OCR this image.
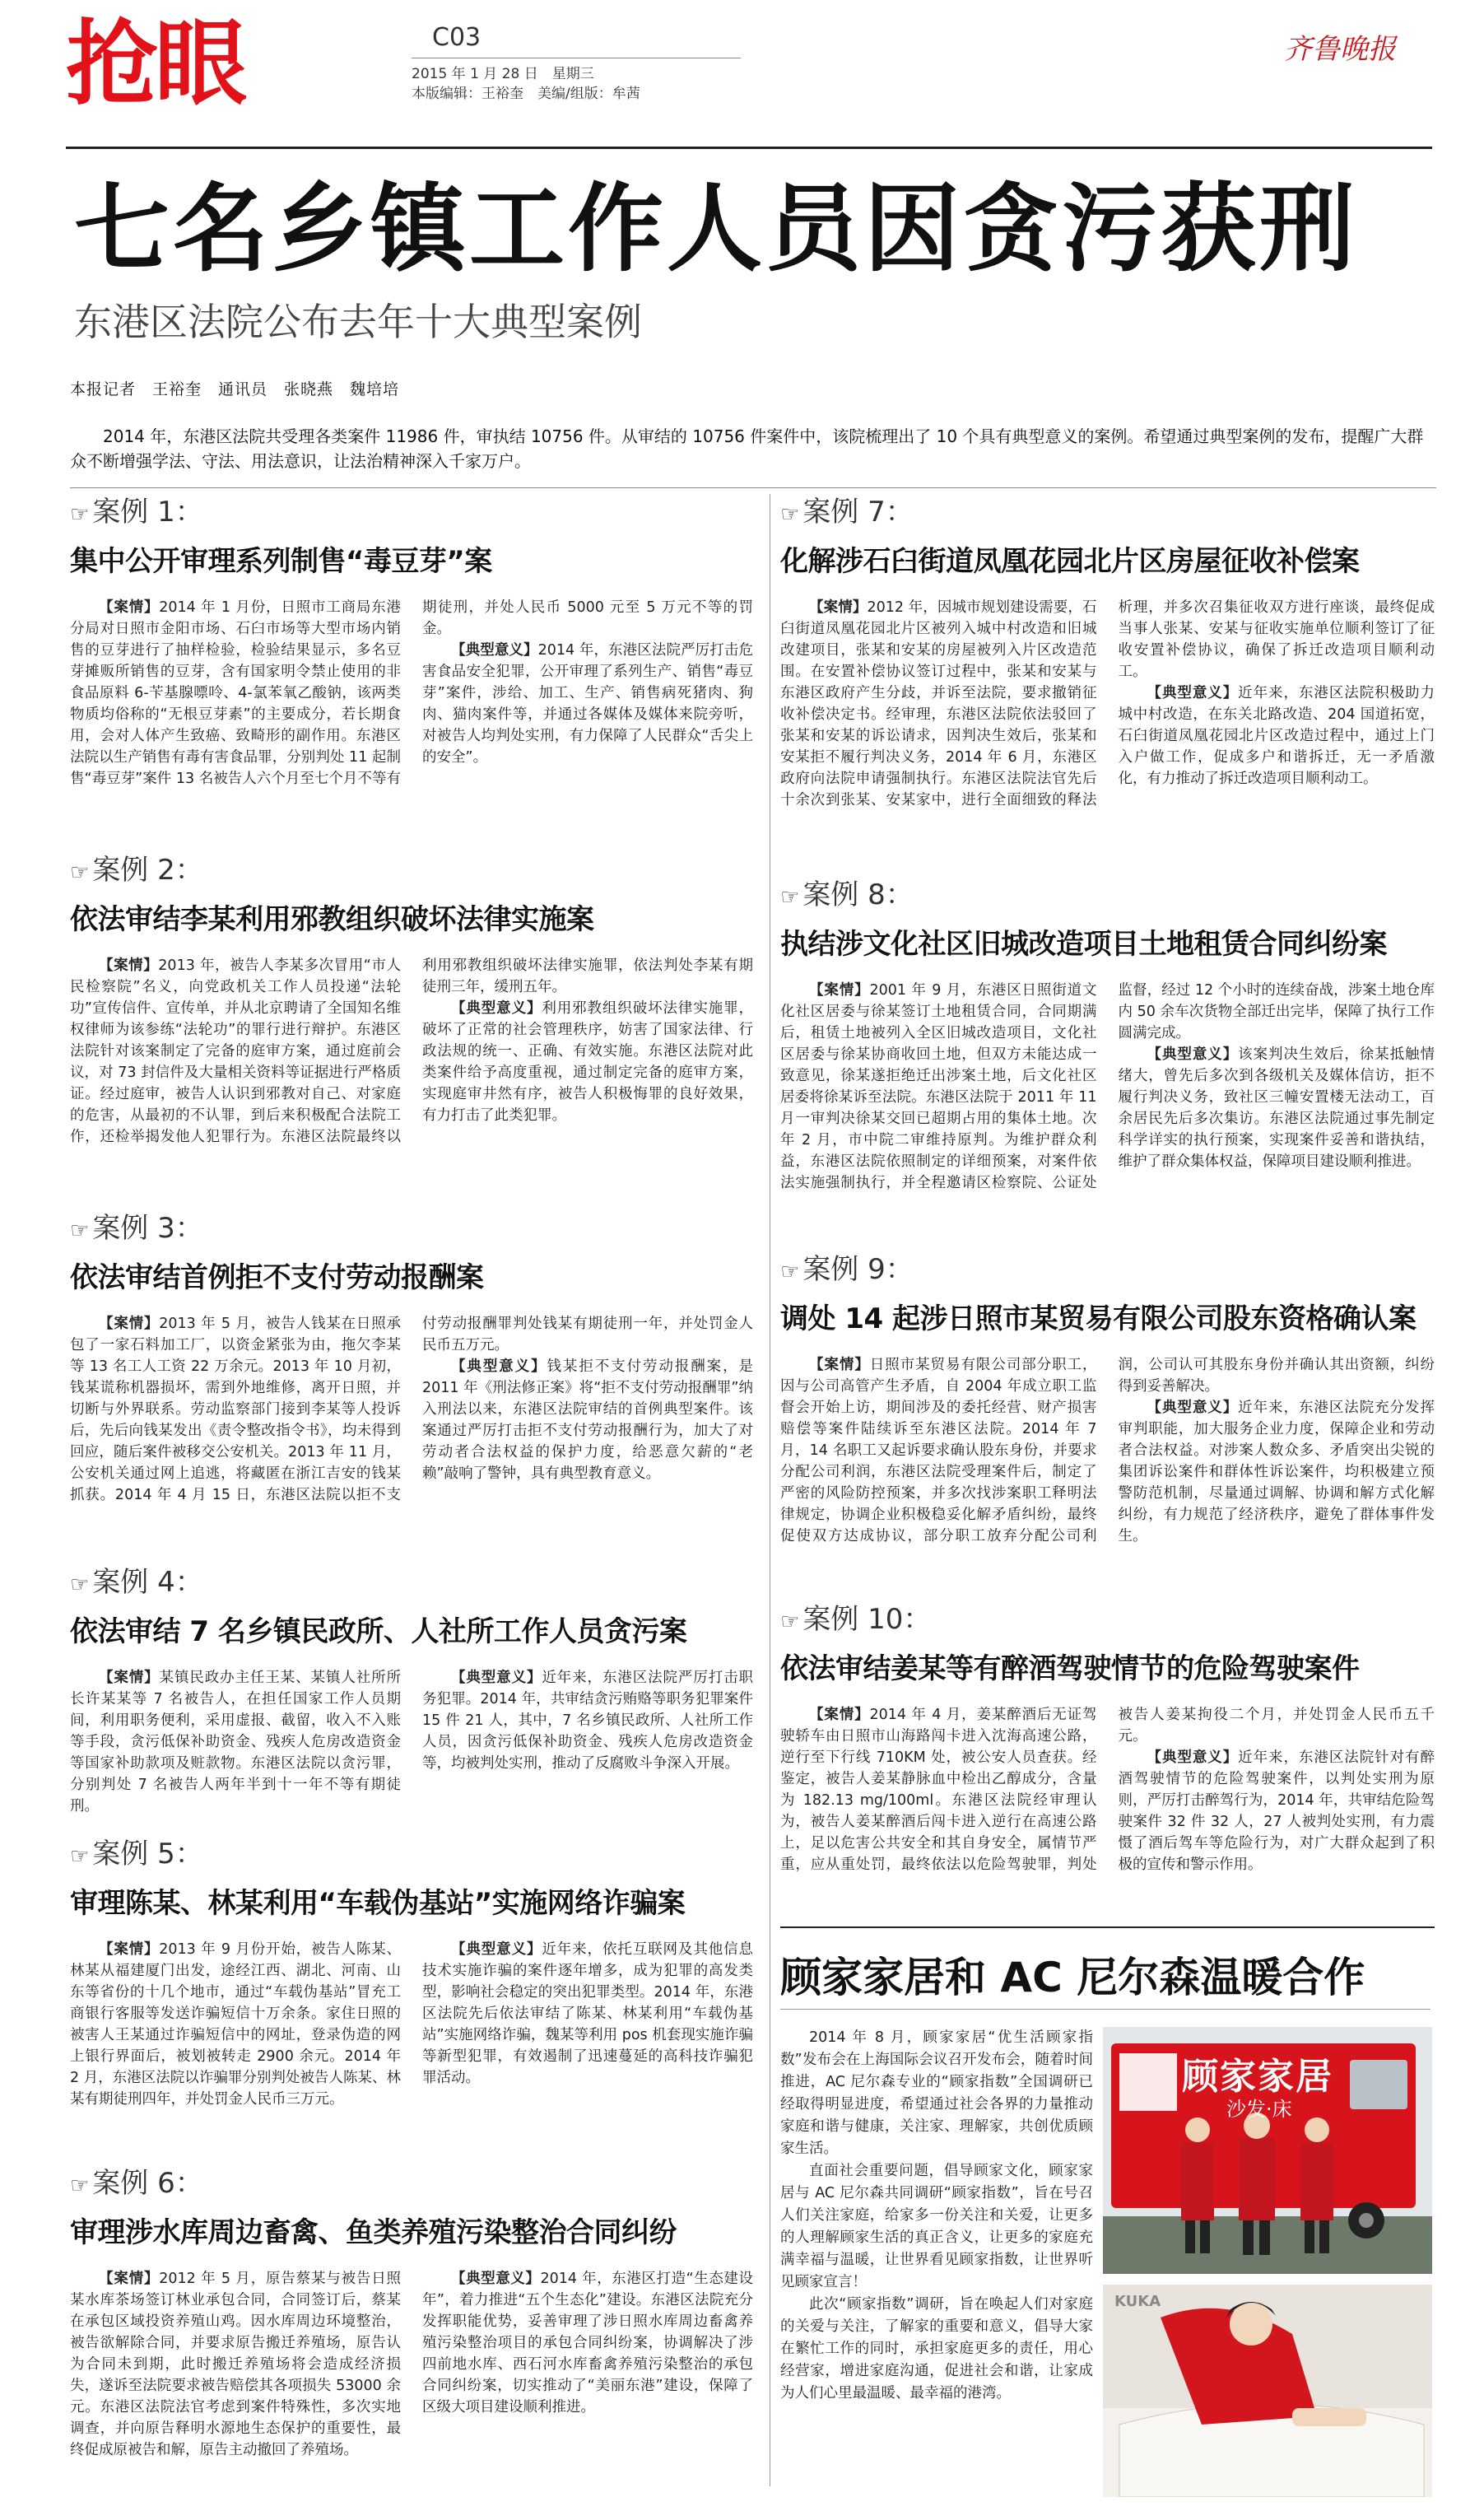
抢眼	C03
2015 年 1 月 28 日　星期三
本版编辑：王裕奎　美编/组版：牟茜
齐鲁晚报
七名乡镇工作人员因贪污获刑
东港区法院公布去年十大典型案例
本报记者　王裕奎　通讯员　张晓燕　魏培培
2014 年，东港区法院共受理各类案件 11986 件，审执结 10756 件。从审结的 10756 件案件中，该院梳理出了 10 个具有典型意义的案例。希望通过典型案例的发布，提醒广大群众不断增强学法、守法、用法意识，让法治精神深入千家万户。
☞ 案例 1：
集中公开审理系列制售“毒豆芽”案

【案情】2014 年 1 月份，日照市工商局东港分局对日照市金阳市场、石臼市场等大型市场内销售的豆芽进行了抽样检验，检验结果显示，多名豆芽摊贩所销售的豆芽，含有国家明令禁止使用的非食品原料 6-苄基腺嘌呤、4-氯苯氧乙酸钠，该两类物质均俗称的“无根豆芽素”的主要成分，若长期食用，会对人体产生致癌、致畸形的副作用。东港区法院以生产销售有毒有害食品罪，分别判处 11 起制售“毒豆芽”案件 13 名被告人六个月至七个月不等有期徒刑，并处人民币 5000 元至 5 万元不等的罚金。

【典型意义】2014 年，东港区法院严厉打击危害食品安全犯罪，公开审理了系列生产、销售“毒豆芽”案件，涉给、加工、生产、销售病死猪肉、狗肉、猫肉案件等，并通过各媒体及媒体来院旁听，对被告人均判处实刑，有力保障了人民群众“舌尖上的安全”。

☞ 案例 2：
依法审结李某利用邪教组织破坏法律实施案

【案情】2013 年，被告人李某多次冒用“市人民检察院”名义，向党政机关工作人员投递“法轮功”宣传信件、宣传单，并从北京聘请了全国知名维权律师为该参练“法轮功”的罪行进行辩护。东港区法院针对该案制定了完备的庭审方案，通过庭前会议，对 73 封信件及大量相关资料等证据进行严格质证。经过庭审，被告人认识到邪教对自己、对家庭的危害，从最初的不认罪，到后来积极配合法院工作，还检举揭发他人犯罪行为。东港区法院最终以利用邪教组织破坏法律实施罪，依法判处李某有期徒刑三年，缓刑五年。

【典型意义】利用邪教组织破坏法律实施罪，破坏了正常的社会管理秩序，妨害了国家法律、行政法规的统一、正确、有效实施。东港区法院对此类案件给予高度重视，通过制定完备的庭审方案，实现庭审井然有序，被告人积极悔罪的良好效果，有力打击了此类犯罪。

☞ 案例 3：
依法审结首例拒不支付劳动报酬案

【案情】2013 年 5 月，被告人钱某在日照承包了一家石料加工厂，以资金紧张为由，拖欠李某等 13 名工人工资 22 万余元。2013 年 10 月初，钱某谎称机器损坏，需到外地维修，离开日照，并切断与外界联系。劳动监察部门接到李某等人投诉后，先后向钱某发出《责令整改指令书》，均未得到回应，随后案件被移交公安机关。2013 年 11 月，公安机关通过网上追逃，将藏匿在浙江吉安的钱某抓获。2014 年 4 月 15 日，东港区法院以拒不支付劳动报酬罪判处钱某有期徒刑一年，并处罚金人民币五万元。

【典型意义】钱某拒不支付劳动报酬案，是 2011 年《刑法修正案》将“拒不支付劳动报酬罪”纳入刑法以来，东港区法院审结的首例典型案件。该案通过严厉打击拒不支付劳动报酬行为，加大了对劳动者合法权益的保护力度，给恶意欠薪的“老赖”敲响了警钟，具有典型教育意义。

☞ 案例 4：
依法审结 7 名乡镇民政所、人社所工作人员贪污案

【案情】某镇民政办主任王某、某镇人社所所长许某某等 7 名被告人，在担任国家工作人员期间，利用职务便利，采用虚报、截留，收入不入账等手段，贪污低保补助资金、残疾人危房改造资金等国家补助款项及赃款物。东港区法院以贪污罪，分别判处 7 名被告人两年半到十一年不等有期徒刑。

【典型意义】近年来，东港区法院严厉打击职务犯罪。2014 年，共审结贪污贿赂等职务犯罪案件 15 件 21 人，其中，7 名乡镇民政所、人社所工作人员，因贪污低保补助资金、残疾人危房改造资金等，均被判处实刑，推动了反腐败斗争深入开展。

☞ 案例 5：
审理陈某、林某利用“车载伪基站”实施网络诈骗案

【案情】2013 年 9 月份开始，被告人陈某、林某从福建厦门出发，途经江西、湖北、河南、山东等省份的十几个地市，通过“车载伪基站”冒充工商银行客服等发送诈骗短信十万余条。家住日照的被害人王某通过诈骗短信中的网址，登录伪造的网上银行界面后，被划被转走 2900 余元。2014 年 2 月，东港区法院以诈骗罪分别判处被告人陈某、林某有期徒刑四年，并处罚金人民币三万元。

【典型意义】近年来，依托互联网及其他信息技术实施诈骗的案件逐年增多，成为犯罪的高发类型，影响社会稳定的突出犯罪类型。2014 年，东港区法院先后依法审结了陈某、林某利用“车载伪基站”实施网络诈骗，魏某等利用 pos 机套现实施诈骗等新型犯罪，有效遏制了迅速蔓延的高科技诈骗犯罪活动。

☞ 案例 6：
审理涉水库周边畜禽、鱼类养殖污染整治合同纠纷

【案情】2012 年 5 月，原告蔡某与被告日照某水库茶场签订林业承包合同，合同签订后，蔡某在承包区域投资养殖山鸡。因水库周边环境整治，被告欲解除合同，并要求原告搬迁养殖场，原告认为合同未到期，此时搬迁养殖场将会造成经济损失，遂诉至法院要求被告赔偿其各项损失 53000 余元。东港区法院法官考虑到案件特殊性，多次实地调查，并向原告释明水源地生态保护的重要性，最终促成原被告和解，原告主动撤回了养殖场。

【典型意义】2014 年，东港区打造“生态建设年”，着力推进“五个生态化”建设。东港区法院充分发挥职能优势，妥善审理了涉日照水库周边畜禽养殖污染整治项目的承包合同纠纷案，协调解决了涉四前地水库、西石河水库畜禽养殖污染整治的承包合同纠纷案，切实推动了“美丽东港”建设，保障了区级大项目建设顺利推进。

☞ 案例 7：
化解涉石臼街道凤凰花园北片区房屋征收补偿案

【案情】2012 年，因城市规划建设需要，石臼街道凤凰花园北片区被列入城中村改造和旧城改建项目，张某和安某的房屋被列入片区改造范围。在安置补偿协议签订过程中，张某和安某与东港区政府产生分歧，并诉至法院，要求撤销征收补偿决定书。经审理，东港区法院依法驳回了张某和安某的诉讼请求，因判决生效后，张某和安某拒不履行判决义务，2014 年 6 月，东港区政府向法院申请强制执行。东港区法院法官先后十余次到张某、安某家中，进行全面细致的释法析理，并多次召集征收双方进行座谈，最终促成当事人张某、安某与征收实施单位顺利签订了征收安置补偿协议，确保了拆迁改造项目顺利动工。

【典型意义】近年来，东港区法院积极助力城中村改造，在东关北路改造、204 国道拓宽，石臼街道凤凰花园北片区改造过程中，通过上门入户做工作，促成多户和谐拆迁，无一矛盾激化，有力推动了拆迁改造项目顺利动工。

☞ 案例 8：
执结涉文化社区旧城改造项目土地租赁合同纠纷案

【案情】2001 年 9 月，东港区日照街道文化社区居委与徐某签订土地租赁合同，合同期满后，租赁土地被列入全区旧城改造项目，文化社区居委与徐某协商收回土地，但双方未能达成一致意见，徐某遂拒绝迁出涉案土地，后文化社区居委将徐某诉至法院。东港区法院于 2011 年 11 月一审判决徐某交回已超期占用的集体土地。次年 2 月，市中院二审维持原判。为维护群众利益，东港区法院依照制定的详细预案，对案件依法实施强制执行，并全程邀请区检察院、公证处监督，经过 12 个小时的连续奋战，涉案土地仓库内 50 余车次货物全部迁出完毕，保障了执行工作圆满完成。

【典型意义】该案判决生效后，徐某抵触情绪大，曾先后多次到各级机关及媒体信访，拒不履行判决义务，致社区三幢安置楼无法动工，百余居民先后多次集访。东港区法院通过事先制定科学详实的执行预案，实现案件妥善和谐执结，维护了群众集体权益，保障项目建设顺利推进。

☞ 案例 9：
调处 14 起涉日照市某贸易有限公司股东资格确认案

【案情】日照市某贸易有限公司部分职工，因与公司高管产生矛盾，自 2004 年成立职工监督会开始上访，期间涉及的委托经营、财产损害赔偿等案件陆续诉至东港区法院。2014 年 7 月，14 名职工又起诉要求确认股东身份，并要求分配公司利润，东港区法院受理案件后，制定了严密的风险防控预案，并多次找涉案职工释明法律规定，协调企业积极稳妥化解矛盾纠纷，最终促使双方达成协议，部分职工放弃分配公司利润，公司认可其股东身份并确认其出资额，纠纷得到妥善解决。

【典型意义】近年来，东港区法院充分发挥审判职能，加大服务企业力度，保障企业和劳动者合法权益。对涉案人数众多、矛盾突出尖锐的集团诉讼案件和群体性诉讼案件，均积极建立预警防范机制，尽量通过调解、协调和解方式化解纠纷，有力规范了经济秩序，避免了群体事件发生。

☞ 案例 10：
依法审结姜某等有醉酒驾驶情节的危险驾驶案件

【案情】2014 年 4 月，姜某醉酒后无证驾驶轿车由日照市山海路闯卡进入沈海高速公路，逆行至下行线 710KM 处，被公安人员查获。经鉴定，被告人姜某静脉血中检出乙醇成分，含量为 182.13 mg/100ml。东港区法院经审理认为，被告人姜某醉酒后闯卡进入逆行在高速公路上，足以危害公共安全和其自身安全，属情节严重，应从重处罚，最终依法以危险驾驶罪，判处被告人姜某拘役二个月，并处罚金人民币五千元。

【典型意义】近年来，东港区法院针对有醉酒驾驶情节的危险驾驶案件，以判处实刑为原则，严厉打击醉驾行为，2014 年，共审结危险驾驶案件 32 件 32 人，27 人被判处实刑，有力震慑了酒后驾车等危险行为，对广大群众起到了积极的宣传和警示作用。

顾家家居和 AC 尼尔森温暖合作

2014 年 8 月，顾家家居“优生活顾家指数”发布会在上海国际会议召开发布会，随着时间推进，AC 尼尔森专业的“顾家指数”全国调研已经取得明显进度，希望通过社会各界的力量推动家庭和谐与健康，关注家、理解家，共创优质顾家生活。

直面社会重要问题，倡导顾家文化，顾家家居与 AC 尼尔森共同调研“顾家指数”，旨在号召人们关注家庭，给家多一份关注和关爱，让更多的人理解顾家生活的真正含义，让更多的家庭充满幸福与温暖，让世界看见顾家指数，让世界听见顾家宣言！

此次“顾家指数”调研，旨在唤起人们对家庭的关爱与关注，了解家的重要和意义，倡导大家在繁忙工作的同时，承担家庭更多的责任，用心经营家，增进家庭沟通，促进社会和谐，让家成为人们心里最温暖、最幸福的港湾。

顾家家居
沙发·床
KUKA
